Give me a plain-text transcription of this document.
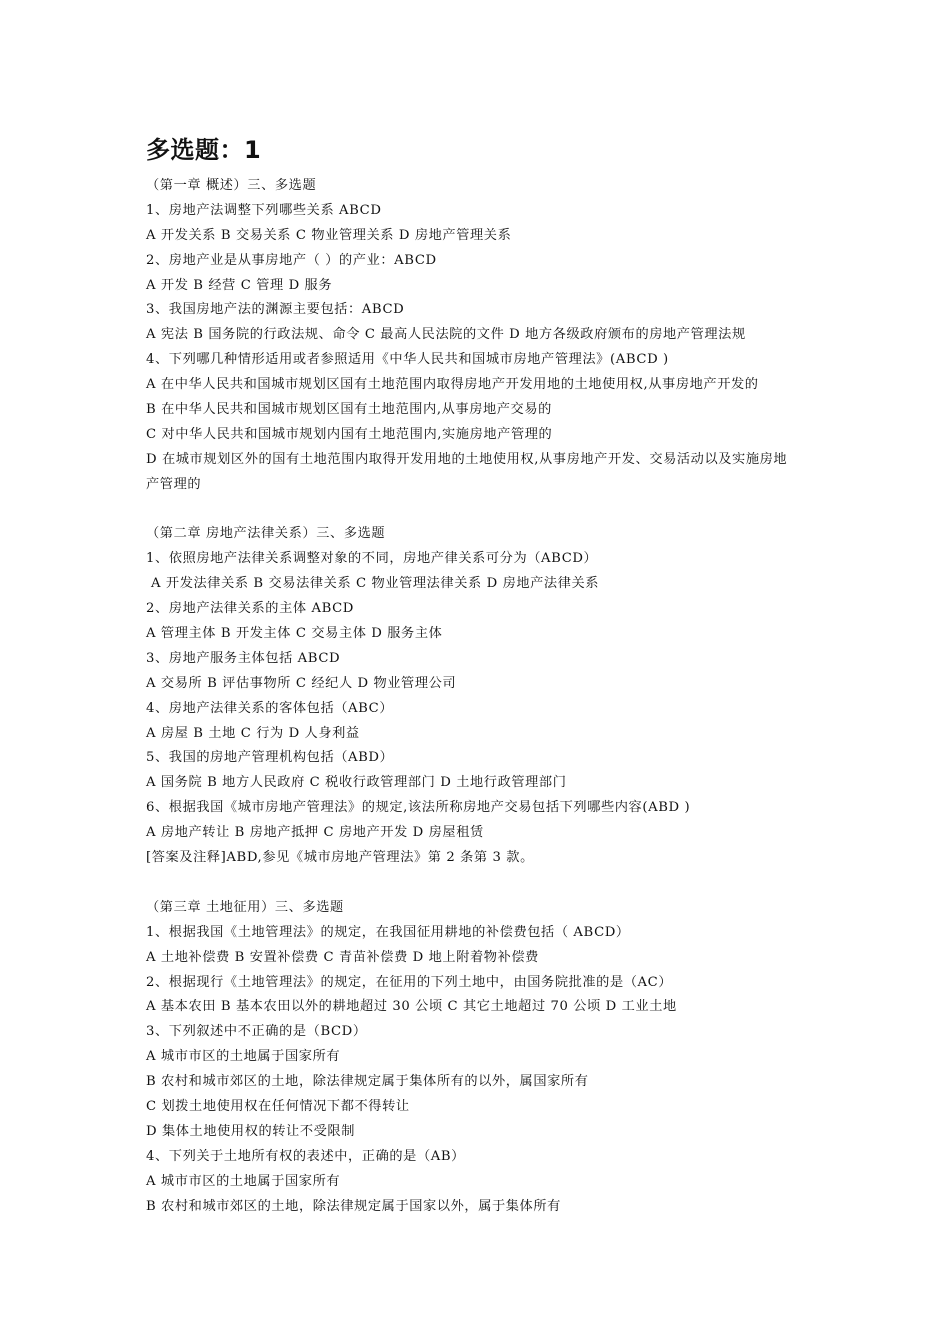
多选题：1
（第一章 概述）三、多选题
1、房地产法调整下列哪些关系 ABCD
A 开发关系 B 交易关系 C 物业管理关系 D 房地产管理关系
2、房地产业是从事房地产（ ）的产业：ABCD
A 开发 B 经营 C 管理 D 服务
3、我国房地产法的渊源主要包括：ABCD
A 宪法 B 国务院的行政法规、命令 C 最高人民法院的文件 D 地方各级政府颁布的房地产管理法规
4、下列哪几种情形适用或者参照适用《中华人民共和国城市房地产管理法》(ABCD )
A 在中华人民共和国城市规划区国有土地范围内取得房地产开发用地的土地使用权,从事房地产开发的
B 在中华人民共和国城市规划区国有土地范围内,从事房地产交易的
C 对中华人民共和国城市规划内国有土地范围内,实施房地产管理的
D 在城市规划区外的国有土地范围内取得开发用地的土地使用权,从事房地产开发、交易活动以及实施房地
产管理的
（第二章 房地产法律关系）三、多选题
1、依照房地产法律关系调整对象的不同，房地产律关系可分为（ABCD）
A 开发法律关系 B 交易法律关系 C 物业管理法律关系 D 房地产法律关系
2、房地产法律关系的主体 ABCD
A 管理主体 B 开发主体 C 交易主体 D 服务主体
3、房地产服务主体包括 ABCD
A 交易所 B 评估事物所 C 经纪人 D 物业管理公司
4、房地产法律关系的客体包括（ABC）
A 房屋 B 土地 C 行为 D 人身利益
5、我国的房地产管理机构包括（ABD）
A 国务院 B 地方人民政府 C 税收行政管理部门 D 土地行政管理部门
6、根据我国《城市房地产管理法》的规定,该法所称房地产交易包括下列哪些内容(ABD )
A 房地产转让 B 房地产抵押 C 房地产开发 D 房屋租赁
[答案及注释]ABD,参见《城市房地产管理法》第 2 条第 3 款。
（第三章 土地征用）三、多选题
1、根据我国《土地管理法》的规定，在我国征用耕地的补偿费包括（ ABCD）
A 土地补偿费 B 安置补偿费 C 青苗补偿费 D 地上附着物补偿费
2、根据现行《土地管理法》的规定，在征用的下列土地中，由国务院批准的是（AC）
A 基本农田 B 基本农田以外的耕地超过 30 公顷 C 其它土地超过 70 公顷 D 工业土地
3、下列叙述中不正确的是（BCD）
A 城市市区的土地属于国家所有
B 农村和城市郊区的土地，除法律规定属于集体所有的以外，属国家所有
C 划拨土地使用权在任何情况下都不得转让
D 集体土地使用权的转让不受限制
4、下列关于土地所有权的表述中，正确的是（AB）
A 城市市区的土地属于国家所有
B 农村和城市郊区的土地，除法律规定属于国家以外，属于集体所有
